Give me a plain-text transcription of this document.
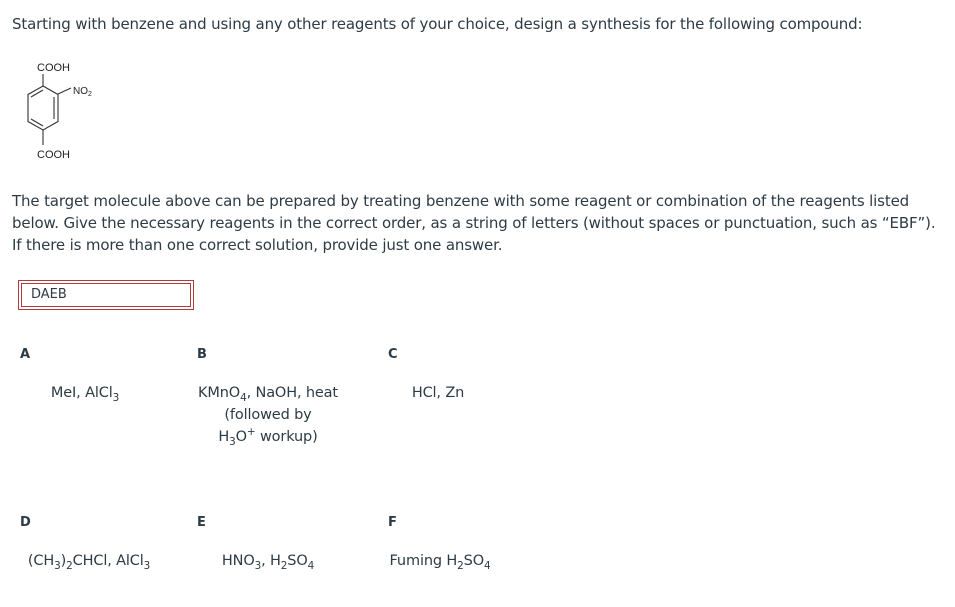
Starting with benzene and using any other reagents of your choice, design a synthesis for the following compound:
COOH
$NO_2$
COOH
The target molecule above can be prepared by treating benzene with some reagent or combination of the reagents listed below. Give the necessary reagents in the correct order, as a string of letters (without spaces or punctuation, such as “EBF”). If there is more than one correct solution, provide just one answer.
DAEB
A	B	C
MeI, AlCl$_3$	KMnO$_4$, NaOH, heat
(followed by
$H_3O^+$ workup)
HCl, Zn
D	E	F
$(CH_3)_2CHCl$, AlCl$_3$	$HNO_3$, $H_2SO_4$	Fuming $H_2SO_4$
